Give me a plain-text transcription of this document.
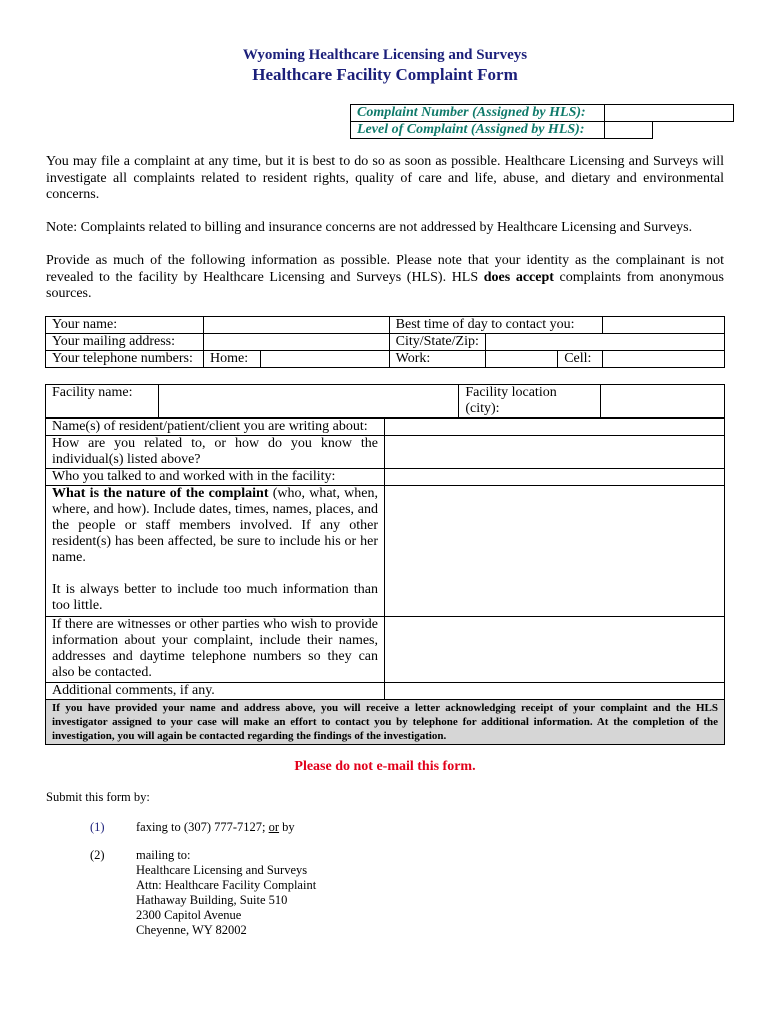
Wyoming Healthcare Licensing and Surveys
Healthcare Facility Complaint Form
Complaint Number (Assigned by HLS):		
Level of Complaint (Assigned by HLS):		
You may file a complaint at any time, but it is best to do so as soon as possible. Healthcare Licensing and Surveys will investigate all complaints related to resident rights, quality of care and life, abuse, and dietary and environmental concerns.
Note: Complaints related to billing and insurance concerns are not addressed by Healthcare Licensing and Surveys.
Provide as much of the following information as possible. Please note that your identity as the complainant is not revealed to the facility by Healthcare Licensing and Surveys (HLS). HLS does accept complaints from anonymous sources.
Your name:			Best time of day to contact you:			
Your mailing address:			City/State/Zip:			
Your telephone numbers:	Home:		Work:		Cell:	
Facility name:		Facility location (city):	
Name(s) of resident/patient/client you are writing about:	
How are you related to, or how do you know the individual(s) listed above?	
Who you talked to and worked with in the facility:	
What is the nature of the complaint (who, what, when, where, and how). Include dates, times, names, places, and the people or staff members involved. If any other resident(s) has been affected, be sure to include his or her name.
It is always better to include too much information than too little.	

If there are witnesses or other parties who wish to provide information about your complaint, include their names, addresses and daytime telephone numbers so they can also be contacted.	
Additional comments, if any.	
If you have provided your name and address above, you will receive a letter acknowledging receipt of your complaint and the HLS investigator assigned to your case will make an effort to contact you by telephone for additional information. At the completion of the investigation, you will again be contacted regarding the findings of the investigation.	
Please do not e-mail this form.
Submit this form by:
(1)	faxing to (307) 777-7127; or by
(2)	mailing to:
Healthcare Licensing and Surveys
Attn: Healthcare Facility Complaint
Hathaway Building, Suite 510
2300 Capitol Avenue
Cheyenne, WY 82002
